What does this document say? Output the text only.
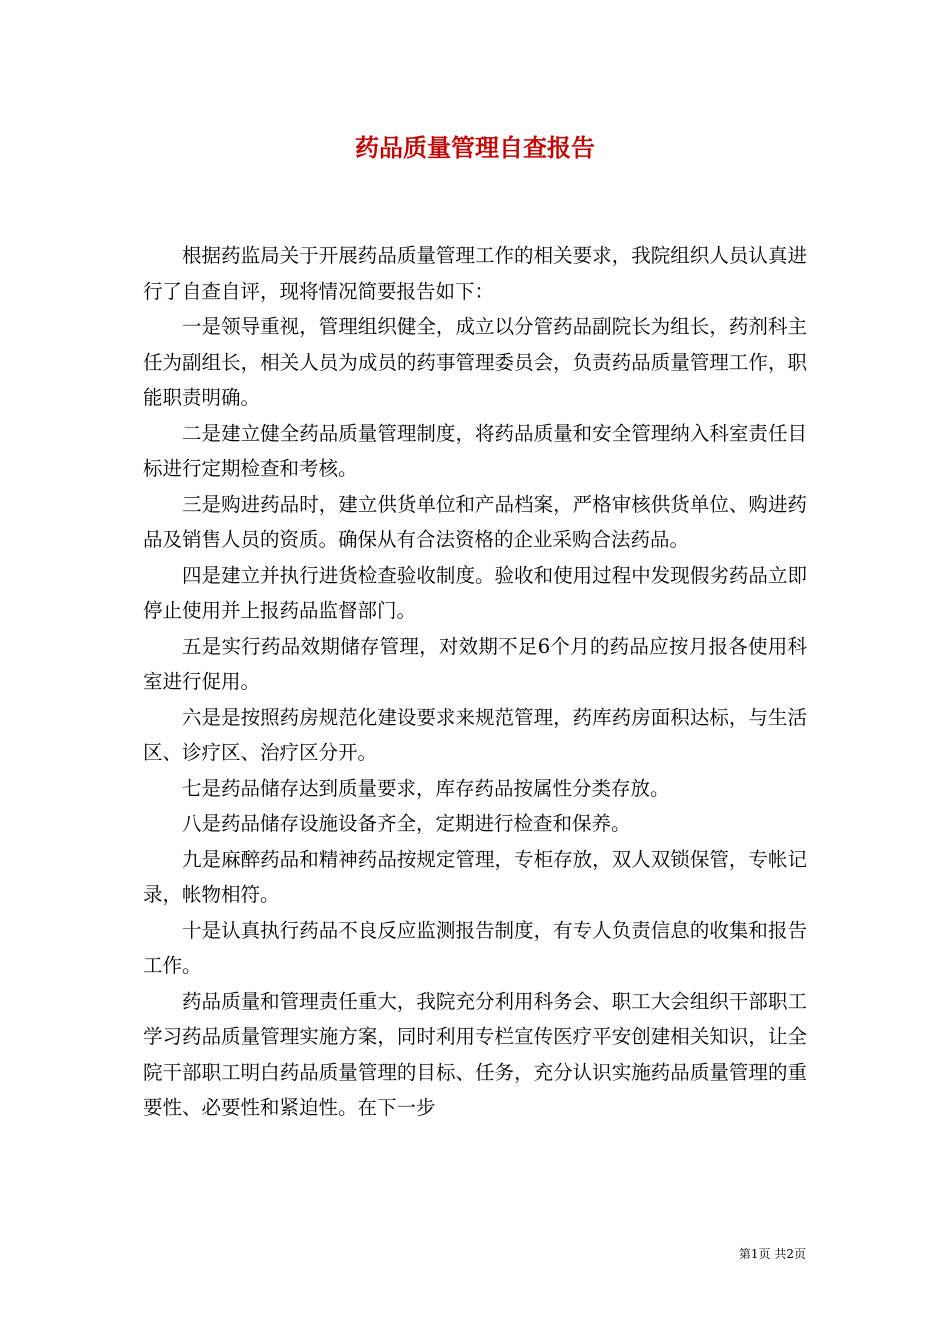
药品质量管理自查报告

根据药监局关于开展药品质量管理工作的相关要求，我院组织人员认真进行了自查自评，现将情况简要报告如下：

一是领导重视，管理组织健全，成立以分管药品副院长为组长，药剂科主任为副组长，相关人员为成员的药事管理委员会，负责药品质量管理工作，职能职责明确。

二是建立健全药品质量管理制度，将药品质量和安全管理纳入科室责任目标进行定期检查和考核。

三是购进药品时，建立供货单位和产品档案，严格审核供货单位、购进药品及销售人员的资质。确保从有合法资格的企业采购合法药品。

四是建立并执行进货检查验收制度。验收和使用过程中发现假劣药品立即停止使用并上报药品监督部门。

五是实行药品效期储存管理，对效期不足6个月的药品应按月报各使用科室进行促用。

六是是按照药房规范化建设要求来规范管理，药库药房面积达标，与生活区、诊疗区、治疗区分开。

七是药品储存达到质量要求，库存药品按属性分类存放。

八是药品储存设施设备齐全，定期进行检查和保养。

九是麻醉药品和精神药品按规定管理，专柜存放，双人双锁保管，专帐记录，帐物相符。

十是认真执行药品不良反应监测报告制度，有专人负责信息的收集和报告工作。

药品质量和管理责任重大，我院充分利用科务会、职工大会组织干部职工学习药品质量管理实施方案，同时利用专栏宣传医疗平安创建相关知识，让全院干部职工明白药品质量管理的目标、任务，充分认识实施药品质量管理的重要性、必要性和紧迫性。在下一步

第1页 共2页
